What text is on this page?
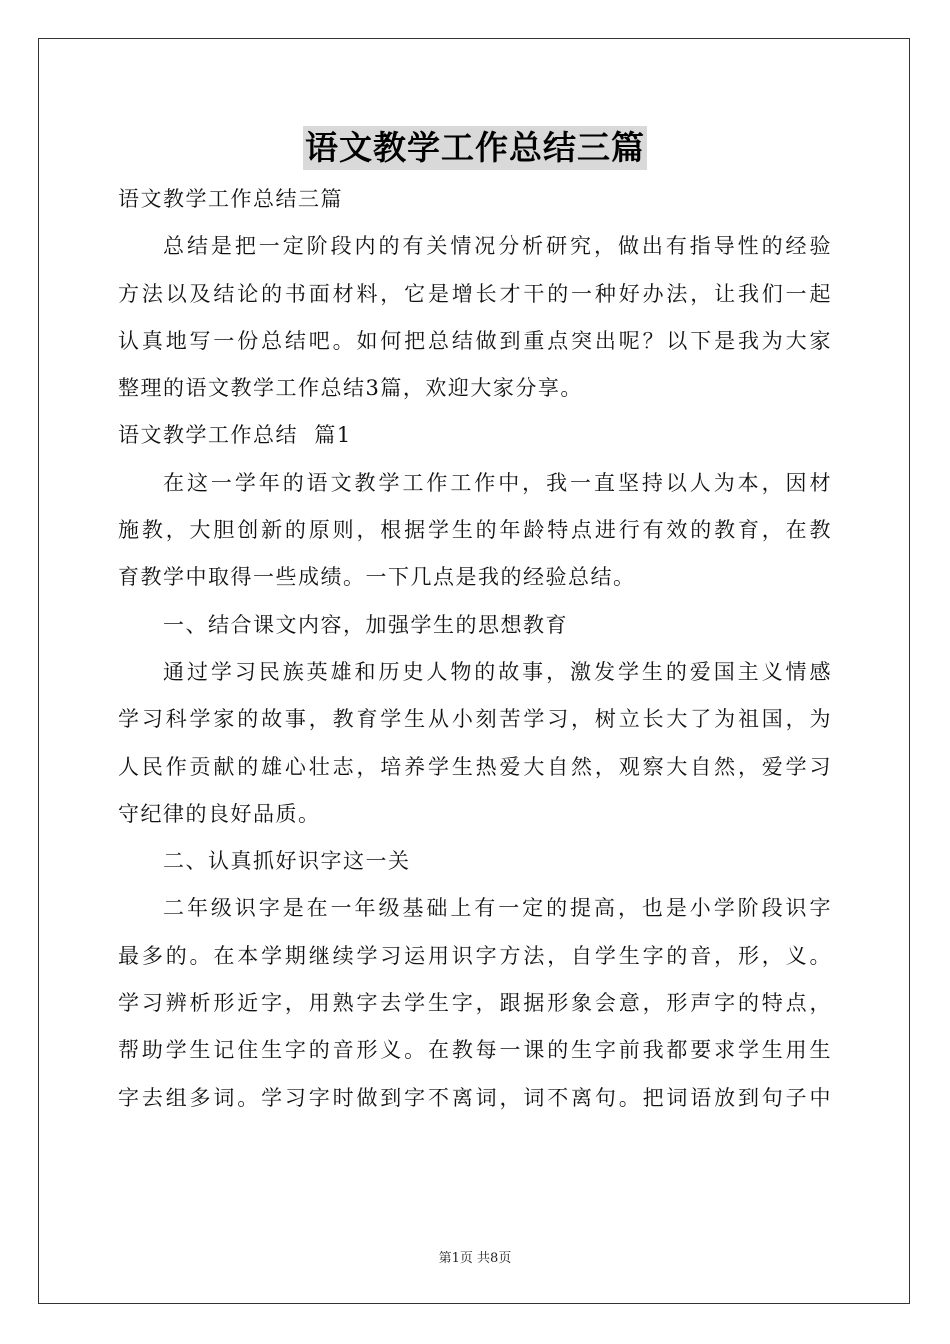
语文教学工作总结三篇
语文教学工作总结三篇
总结是把一定阶段内的有关情况分析研究，做出有指导性的经验
方法以及结论的书面材料，它是增长才干的一种好办法，让我们一起
认真地写一份总结吧。如何把总结做到重点突出呢？以下是我为大家
整理的语文教学工作总结3篇，欢迎大家分享。
语文教学工作总结  篇1
在这一学年的语文教学工作工作中，我一直坚持以人为本，因材
施教，大胆创新的原则，根据学生的年龄特点进行有效的教育，在教
育教学中取得一些成绩。一下几点是我的经验总结。
一、结合课文内容，加强学生的思想教育
通过学习民族英雄和历史人物的故事，激发学生的爱国主义情感
学习科学家的故事，教育学生从小刻苦学习，树立长大了为祖国，为
人民作贡献的雄心壮志，培养学生热爱大自然，观察大自然，爱学习
守纪律的良好品质。
二、认真抓好识字这一关
二年级识字是在一年级基础上有一定的提高，也是小学阶段识字
最多的。在本学期继续学习运用识字方法，自学生字的音，形，义。
学习辨析形近字，用熟字去学生字，跟据形象会意，形声字的特点，
帮助学生记住生字的音形义。在教每一课的生字前我都要求学生用生
字去组多词。学习字时做到字不离词，词不离句。把词语放到句子中
第1页 共8页
